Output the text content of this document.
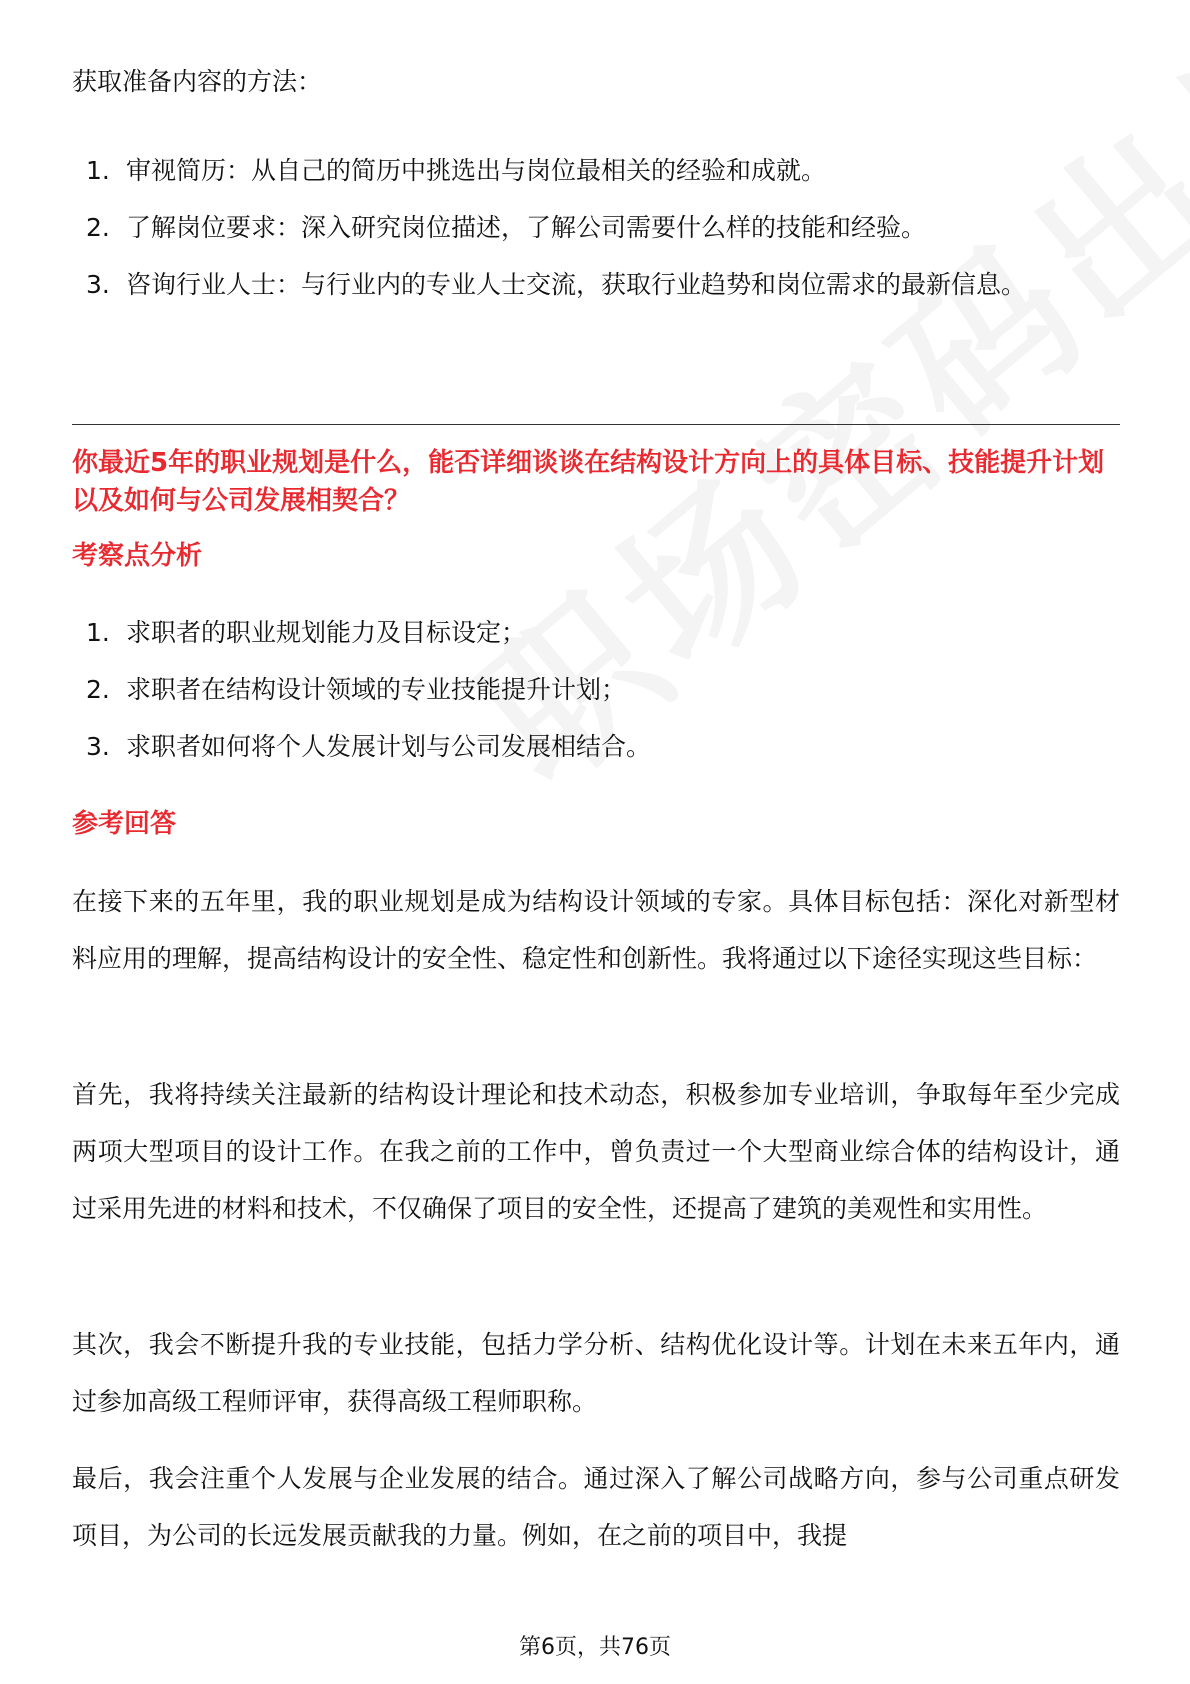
获取准备内容的方法：
1. 审视简历：从自己的简历中挑选出与岗位最相关的经验和成就。
2. 了解岗位要求：深入研究岗位描述，了解公司需要什么样的技能和经验。
3. 咨询行业人士：与行业内的专业人士交流，获取行业趋势和岗位需求的最新信息。
你最近5年的职业规划是什么，能否详细谈谈在结构设计方向上的具体目标、技能提升计划以及如何与公司发展相契合？
考察点分析
1. 求职者的职业规划能力及目标设定；
2. 求职者在结构设计领域的专业技能提升计划；
3. 求职者如何将个人发展计划与公司发展相结合。
参考回答
在接下来的五年里，我的职业规划是成为结构设计领域的专家。具体目标包括：深化对新型材料应用的理解，提高结构设计的安全性、稳定性和创新性。我将通过以下途径实现这些目标：
首先，我将持续关注最新的结构设计理论和技术动态，积极参加专业培训，争取每年至少完成两项大型项目的设计工作。在我之前的工作中，曾负责过一个大型商业综合体的结构设计，通过采用先进的材料和技术，不仅确保了项目的安全性，还提高了建筑的美观性和实用性。
其次，我会不断提升我的专业技能，包括力学分析、结构优化设计等。计划在未来五年内，通过参加高级工程师评审，获得高级工程师职称。
最后，我会注重个人发展与企业发展的结合。通过深入了解公司战略方向，参与公司重点研发项目，为公司的长远发展贡献我的力量。例如，在之前的项目中，我提
第6页，共76页
